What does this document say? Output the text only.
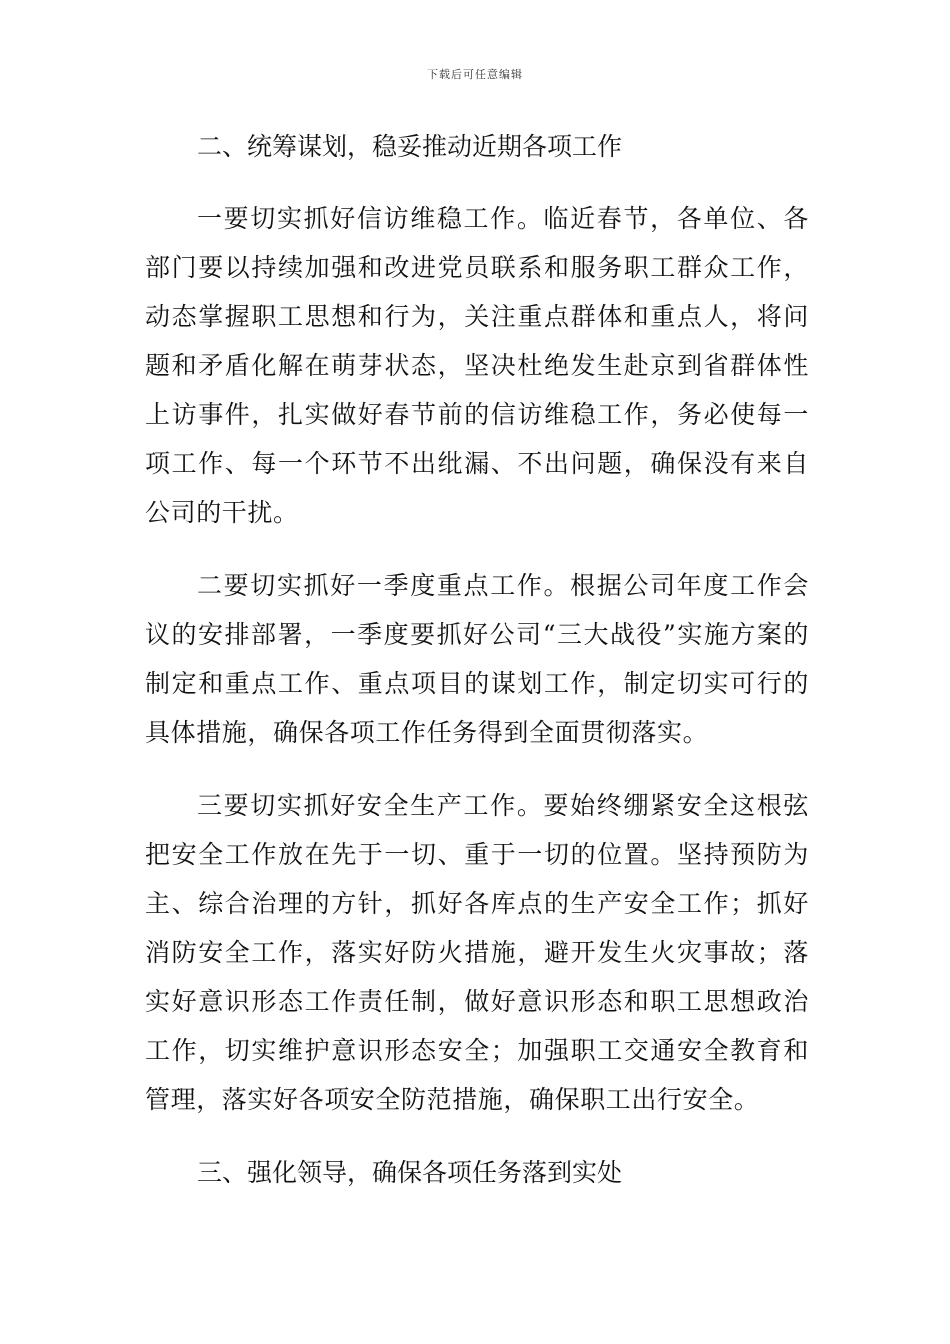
下载后可任意编辑

二、统筹谋划，稳妥推动近期各项工作

一要切实抓好信访维稳工作。临近春节，各单位、各部门要以持续加强和改进党员联系和服务职工群众工作，动态掌握职工思想和行为，关注重点群体和重点人，将问题和矛盾化解在萌芽状态，坚决杜绝发生赴京到省群体性上访事件，扎实做好春节前的信访维稳工作，务必使每一项工作、每一个环节不出纰漏、不出问题，确保没有来自公司的干扰。

二要切实抓好一季度重点工作。根据公司年度工作会议的安排部署，一季度要抓好公司“三大战役”实施方案的制定和重点工作、重点项目的谋划工作，制定切实可行的具体措施，确保各项工作任务得到全面贯彻落实。

三要切实抓好安全生产工作。要始终绷紧安全这根弦把安全工作放在先于一切、重于一切的位置。坚持预防为主、综合治理的方针，抓好各库点的生产安全工作；抓好消防安全工作，落实好防火措施，避开发生火灾事故；落实好意识形态工作责任制，做好意识形态和职工思想政治工作，切实维护意识形态安全；加强职工交通安全教育和管理，落实好各项安全防范措施，确保职工出行安全。

三、强化领导，确保各项任务落到实处
